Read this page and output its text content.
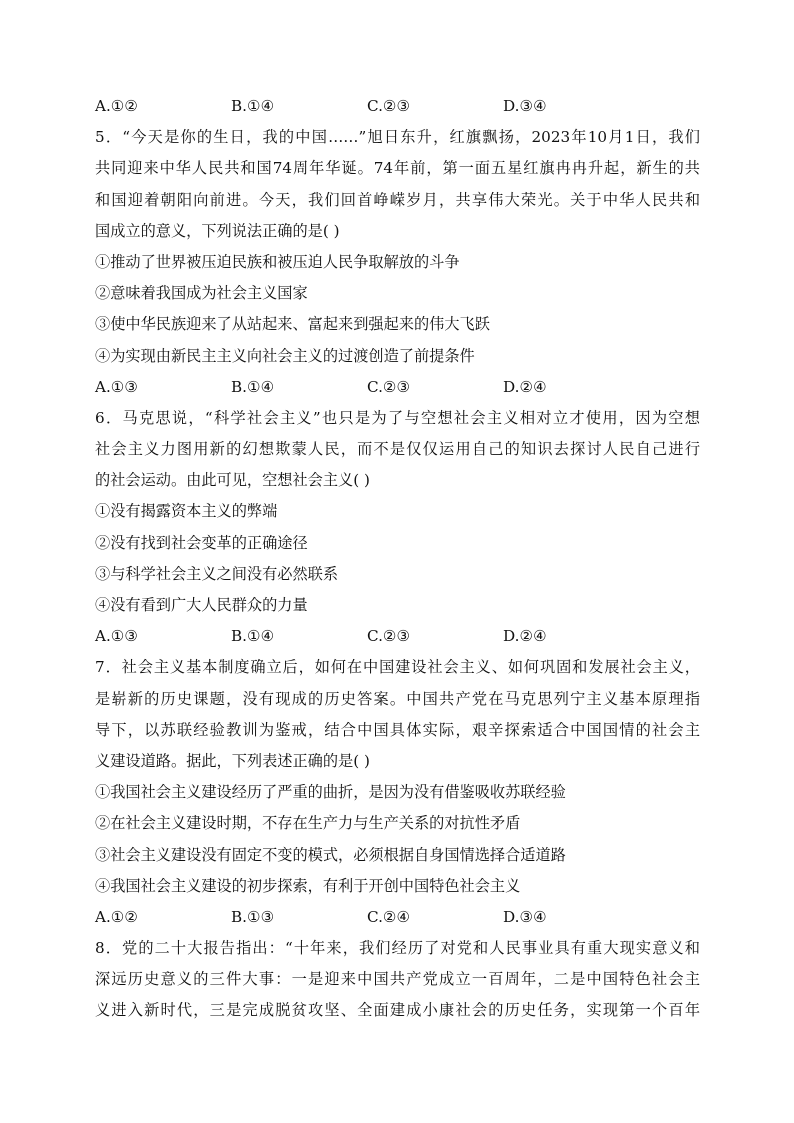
A.①②	B.①④	C.②③	D.③④
5．“今天是你的生日，我的中国……”旭日东升，红旗飘扬，2023年10月1日，我们
共同迎来中华人民共和国74周年华诞。74年前，第一面五星红旗冉冉升起，新生的共
和国迎着朝阳向前进。今天，我们回首峥嵘岁月，共享伟大荣光。关于中华人民共和
国成立的意义，下列说法正确的是( )
①推动了世界被压迫民族和被压迫人民争取解放的斗争
②意味着我国成为社会主义国家
③使中华民族迎来了从站起来、富起来到强起来的伟大飞跃
④为实现由新民主主义向社会主义的过渡创造了前提条件
A.①③	B.①④	C.②③	D.②④
6．马克思说，“科学社会主义”也只是为了与空想社会主义相对立才使用，因为空想
社会主义力图用新的幻想欺蒙人民，而不是仅仅运用自己的知识去探讨人民自己进行
的社会运动。由此可见，空想社会主义( )
①没有揭露资本主义的弊端
②没有找到社会变革的正确途径
③与科学社会主义之间没有必然联系
④没有看到广大人民群众的力量
A.①③	B.①④	C.②③	D.②④
7．社会主义基本制度确立后，如何在中国建设社会主义、如何巩固和发展社会主义，
是崭新的历史课题，没有现成的历史答案。中国共产党在马克思列宁主义基本原理指
导下，以苏联经验教训为鉴戒，结合中国具体实际，艰辛探索适合中国国情的社会主
义建设道路。据此，下列表述正确的是( )
①我国社会主义建设经历了严重的曲折，是因为没有借鉴吸收苏联经验
②在社会主义建设时期，不存在生产力与生产关系的对抗性矛盾
③社会主义建设没有固定不变的模式，必须根据自身国情选择合适道路
④我国社会主义建设的初步探索，有利于开创中国特色社会主义
A.①②	B.①③	C.②④	D.③④
8．党的二十大报告指出：“十年来，我们经历了对党和人民事业具有重大现实意义和
深远历史意义的三件大事：一是迎来中国共产党成立一百周年，二是中国特色社会主
义进入新时代，三是完成脱贫攻坚、全面建成小康社会的历史任务，实现第一个百年
